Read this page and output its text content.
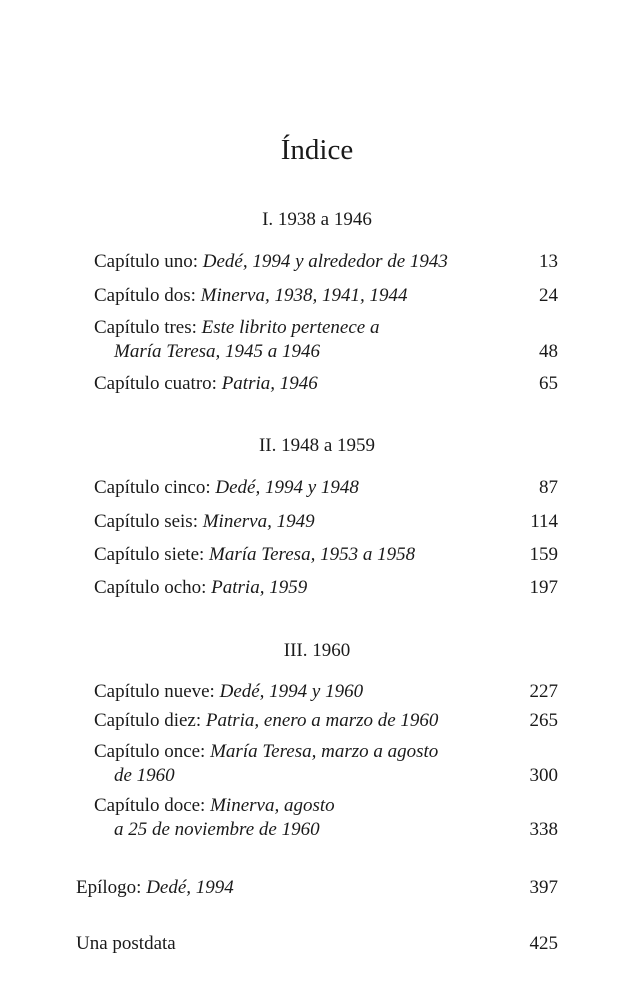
Índice
I. 1938 a 1946
Capítulo uno: Dedé, 1994 y alrededor de 1943	13
Capítulo dos: Minerva, 1938, 1941, 1944	24
Capítulo tres: Este librito pertenece a
María Teresa, 1945 a 1946	48
Capítulo cuatro: Patria, 1946	65
II. 1948 a 1959
Capítulo cinco: Dedé, 1994 y 1948	87
Capítulo seis: Minerva, 1949	114
Capítulo siete: María Teresa, 1953 a 1958	159
Capítulo ocho: Patria, 1959	197
III. 1960
Capítulo nueve: Dedé, 1994 y 1960	227
Capítulo diez: Patria, enero a marzo de 1960	265
Capítulo once: María Teresa, marzo a agosto
de 1960	300
Capítulo doce: Minerva, agosto
a 25 de noviembre de 1960	338
Epílogo: Dedé, 1994	397
Una postdata	425
